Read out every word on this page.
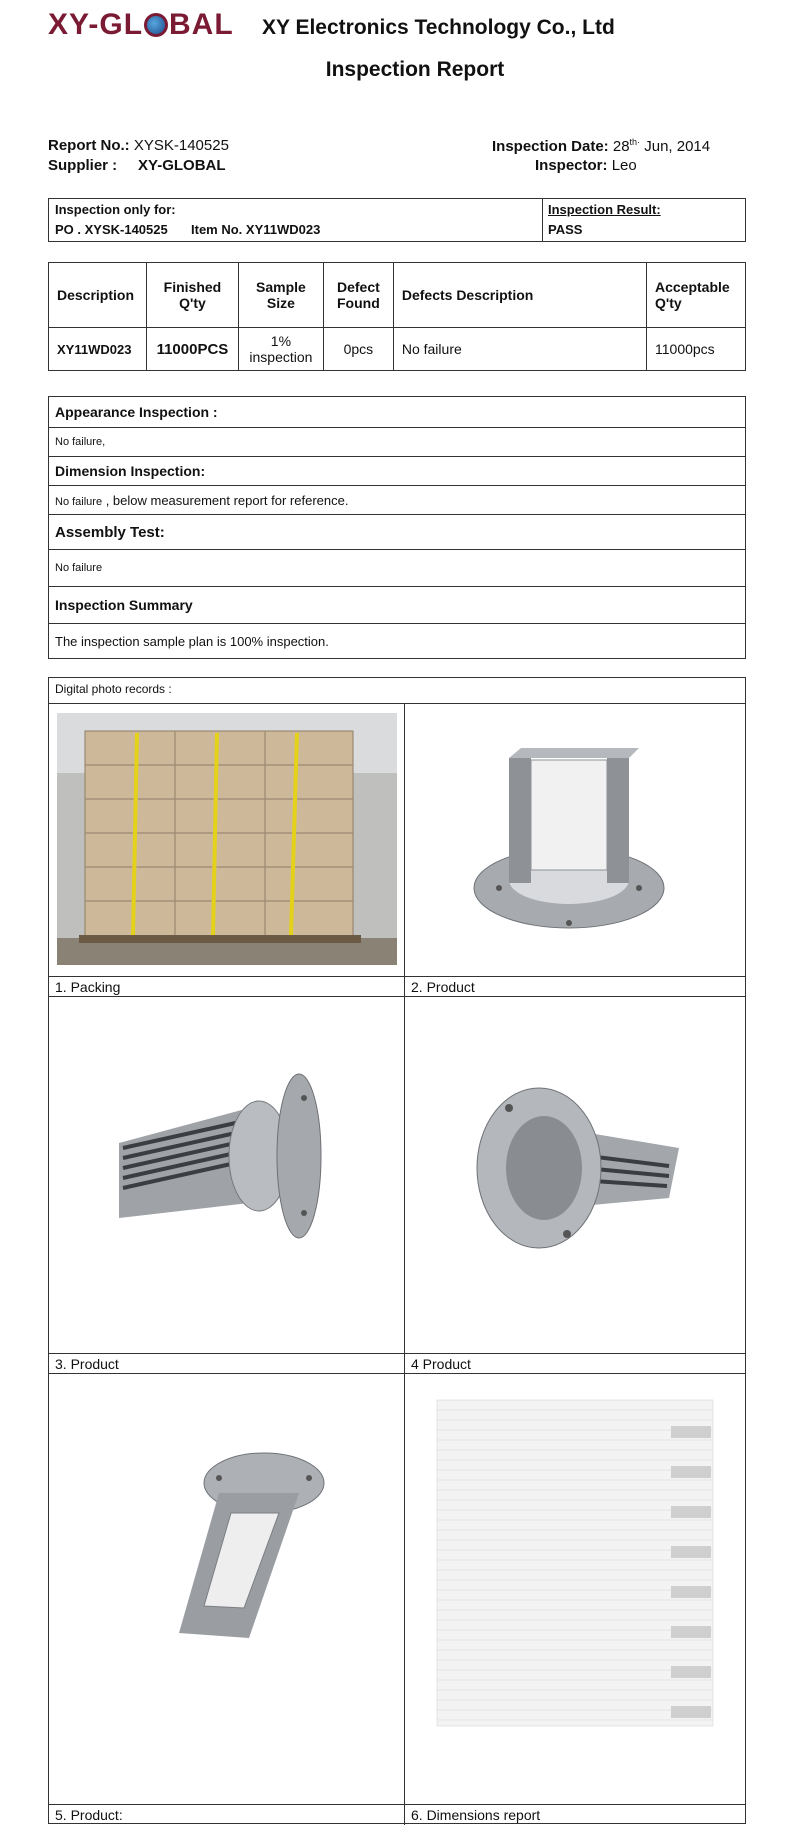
XY-GL BAL XY Electronics Technology Co., Ltd
Inspection Report
Report No.: XYSK-140525
Supplier : XY-GLOBAL
Inspection Date: $28^{th\cdot}$ Jun, 2014
Inspector: Leo
Inspection only for:
PO . XYSK-140525 Item No. XY11WD023
Inspection Result:
PASS
Description	Finished Q'ty	Sample Size	Defect Found	Defects Description	Acceptable Q'ty
XY11WD023	11000PCS	1% inspection	0pcs	No failure	11000pcs
Appearance Inspection :
No failure,
Dimension Inspection:
No failure , below measurement report for reference.
Assembly Test:
No failure
Inspection Summary
The inspection sample plan is 100% inspection.
Digital photo records :
1. Packing	2. Product
3. Product	4 Product
5. Product:	6. Dimensions report
